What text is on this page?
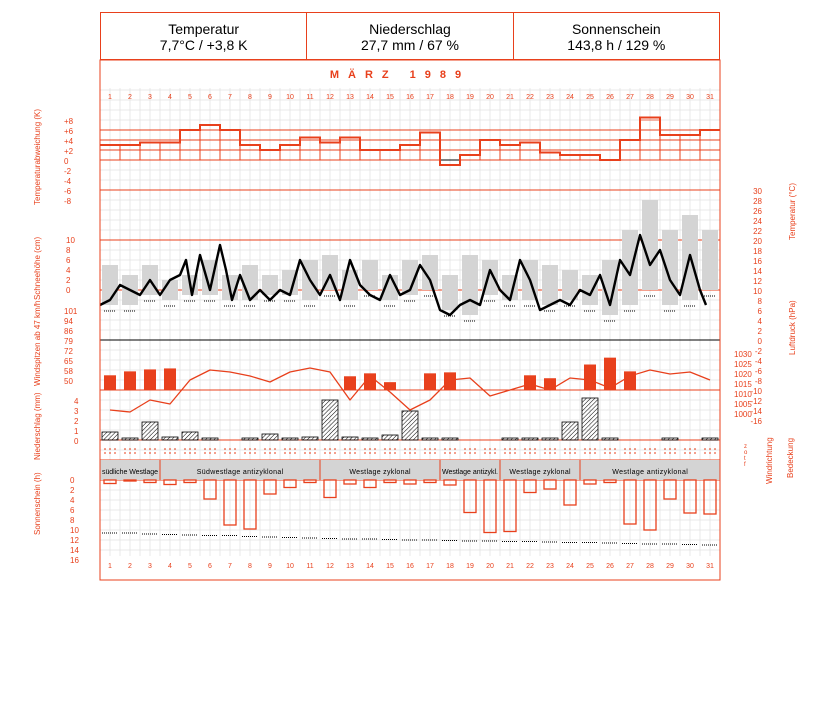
Temperatur
7,7°C / +3,8 K
Niederschlag
27,7 mm / 67 %
Sonnenschein
143,8 h / 129 %
MÄRZ 1989
1
1
2
2
3
3
4
4
5
5
6
6
7
7
8
8
9
9
10
10
11
11
12
12
13
13
14
14
15
15
16
16
17
17
18
18
19
19
20
20
21
21
22
22
23
23
24
24
25
25
26
26
27
27
28
28
29
29
30
30
31
31
+8
+6
+4
+2
0
-2
-4
-6
-8
Temperaturabweichung (K)	30
28
26
24
22
20
18
16
14
12
10
8
6
4
2
0
-2
-4
-6
-8
-10
-12
-14
-16
Temperatur (°C)
10
8
6
4
2
0
Schneehöhe (cm)
101
94
86
79
72
65
58
50
Windspitzen ab 47 km/h	1030
1025
1020
1015
1010
1005
1000
Luftdruck (hPa)
4
3
2
1
0
Niederschlag (mm)
Windrichtung Bedeckung
z
o
t
f
südliche Westlage	Südwestlage antizyklonal	Westlage zyklonal	Westlage antizykl. Westlage zyklonal	Westlage antizyklonal
0
2
4
6
8
10
12
14
16
Sonnenschein (h)
